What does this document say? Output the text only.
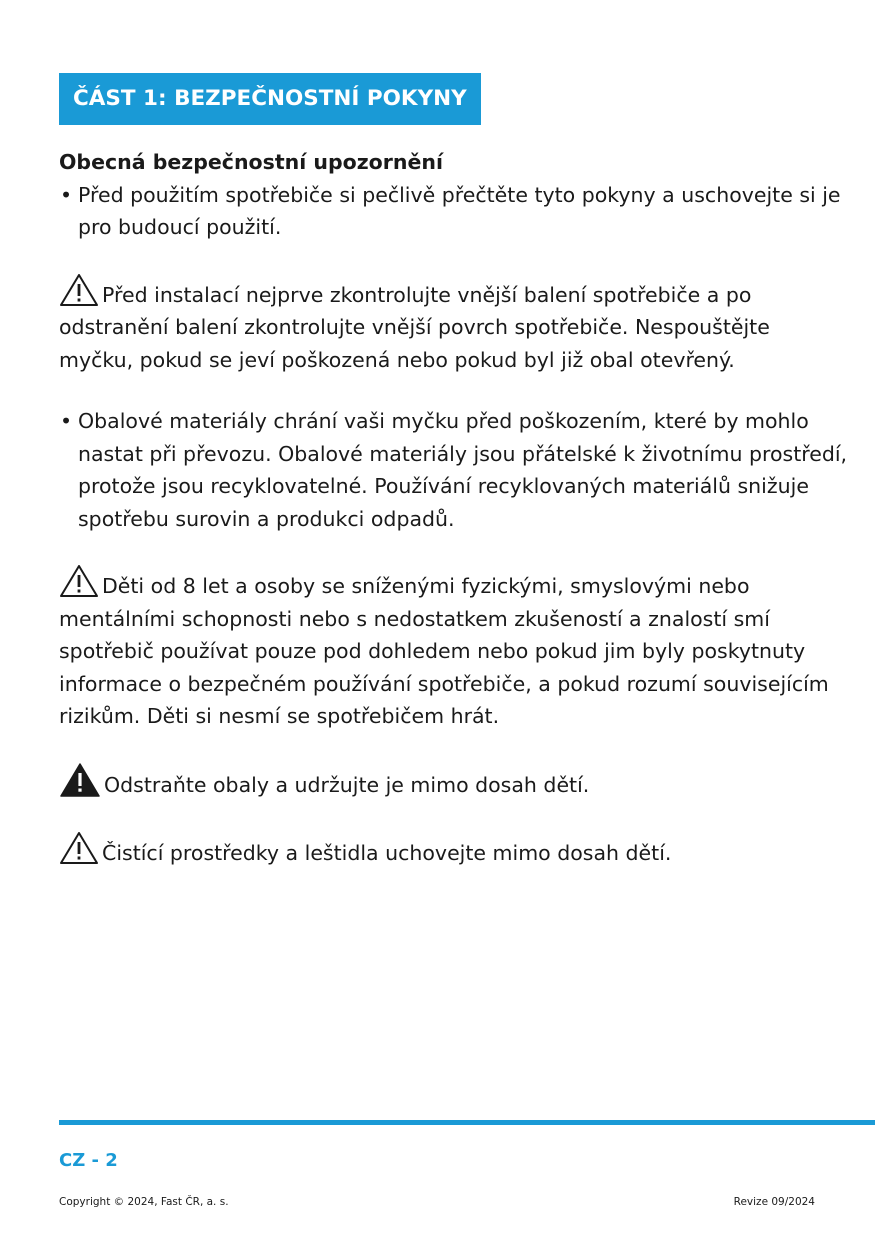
ČÁST 1: BEZPEČNOSTNÍ POKYNY

Obecná bezpečnostní upozornění

• Před použitím spotřebiče si pečlivě přečtěte tyto pokyny a uschovejte si je pro budoucí použití.

Před instalací nejprve zkontrolujte vnější balení spotřebiče a po odstranění balení zkontrolujte vnější povrch spotřebiče. Nespouštějte myčku, pokud se jeví poškozená nebo pokud byl již obal otevřený.

• Obalové materiály chrání vaši myčku před poškozením, které by mohlo nastat při převozu. Obalové materiály jsou přátelské k životnímu prostředí, protože jsou recyklovatelné. Používání recyklovaných materiálů snižuje spotřebu surovin a produkci odpadů.

Děti od 8 let a osoby se sníženými fyzickými, smyslovými nebo mentálními schopnosti nebo s nedostatkem zkušeností a znalostí smí spotřebič používat pouze pod dohledem nebo pokud jim byly poskytnuty informace o bezpečném používání spotřebiče, a pokud rozumí souvisejícím rizikům. Děti si nesmí se spotřebičem hrát.

Odstraňte obaly a udržujte je mimo dosah dětí.

Čistící prostředky a leštidla uchovejte mimo dosah dětí.

CZ - 2
Copyright © 2024, Fast ČR, a. s.	Revize 09/2024
